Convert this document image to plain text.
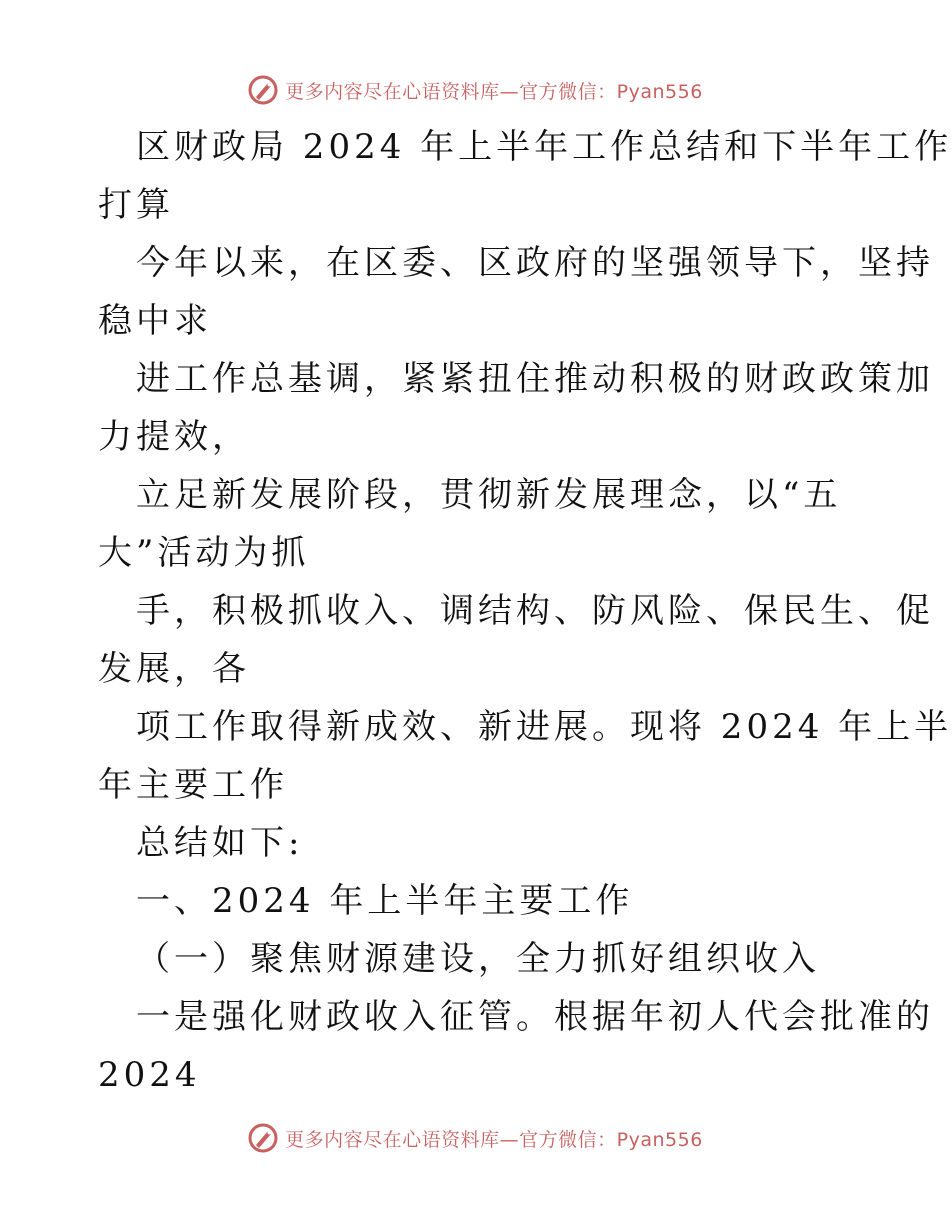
更多内容尽在心语资料库—官方微信：Pyan556
区财政局 2024 年上半年工作总结和下半年工作
打算
今年以来，在区委、区政府的坚强领导下，坚持
稳中求
进工作总基调，紧紧扭住推动积极的财政政策加
力提效，
立足新发展阶段，贯彻新发展理念，以“五
大”活动为抓
手，积极抓收入、调结构、防风险、保民生、促
发展，各
项工作取得新成效、新进展。现将 2024 年上半
年主要工作
总结如下:
一、2024 年上半年主要工作
（一）聚焦财源建设，全力抓好组织收入
一是强化财政收入征管。根据年初人代会批准的
2024
更多内容尽在心语资料库—官方微信：Pyan556
